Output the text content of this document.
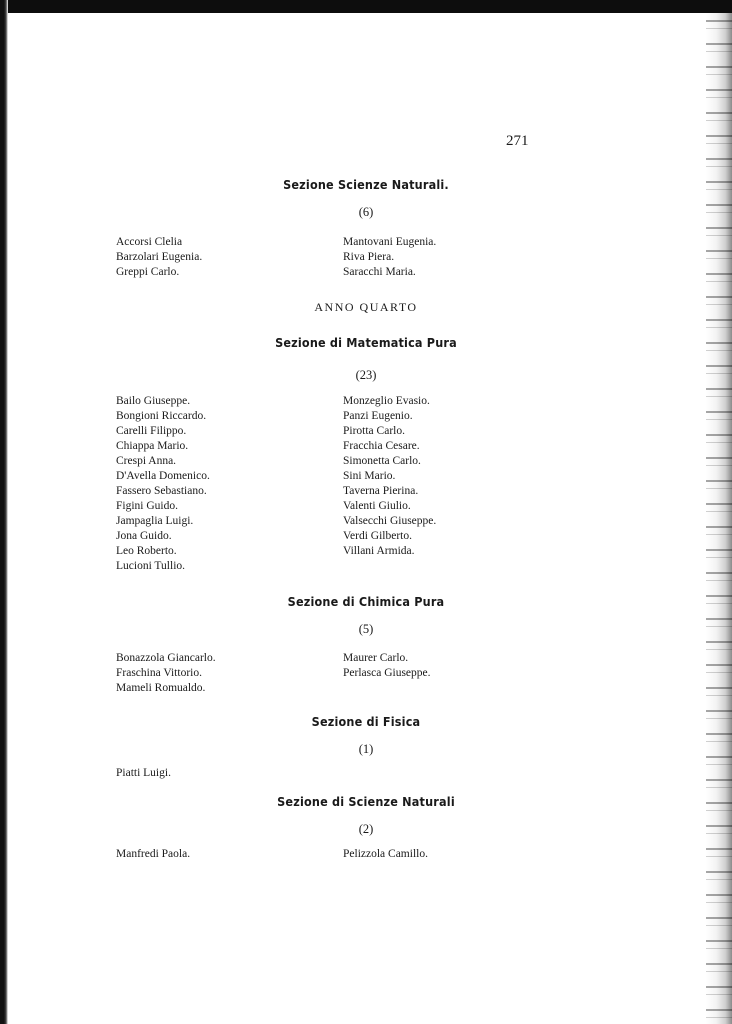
271
Sezione Scienze Naturali.
(6)
Accorsi Clelia
Barzolari Eugenia.
Greppi Carlo.
Mantovani Eugenia.
Riva Piera.
Saracchi Maria.
ANNO QUARTO
Sezione di Matematica Pura
(23)
Bailo Giuseppe.
Bongioni Riccardo.
Carelli Filippo.
Chiappa Mario.
Crespi Anna.
D'Avella Domenico.
Fassero Sebastiano.
Figini Guido.
Jampaglia Luigi.
Jona Guido.
Leo Roberto.
Lucioni Tullio.
Monzeglio Evasio.
Panzi Eugenio.
Pirotta Carlo.
Fracchia Cesare.
Simonetta Carlo.
Sini Mario.
Taverna Pierina.
Valenti Giulio.
Valsecchi Giuseppe.
Verdi Gilberto.
Villani Armida.
Sezione di Chimica Pura
(5)
Bonazzola Giancarlo.
Fraschina Vittorio.
Mameli Romualdo.
Maurer Carlo.
Perlasca Giuseppe.
Sezione di Fisica
(1)
Piatti Luigi.
Sezione di Scienze Naturali
(2)
Manfredi Paola.	Pelizzola Camillo.
